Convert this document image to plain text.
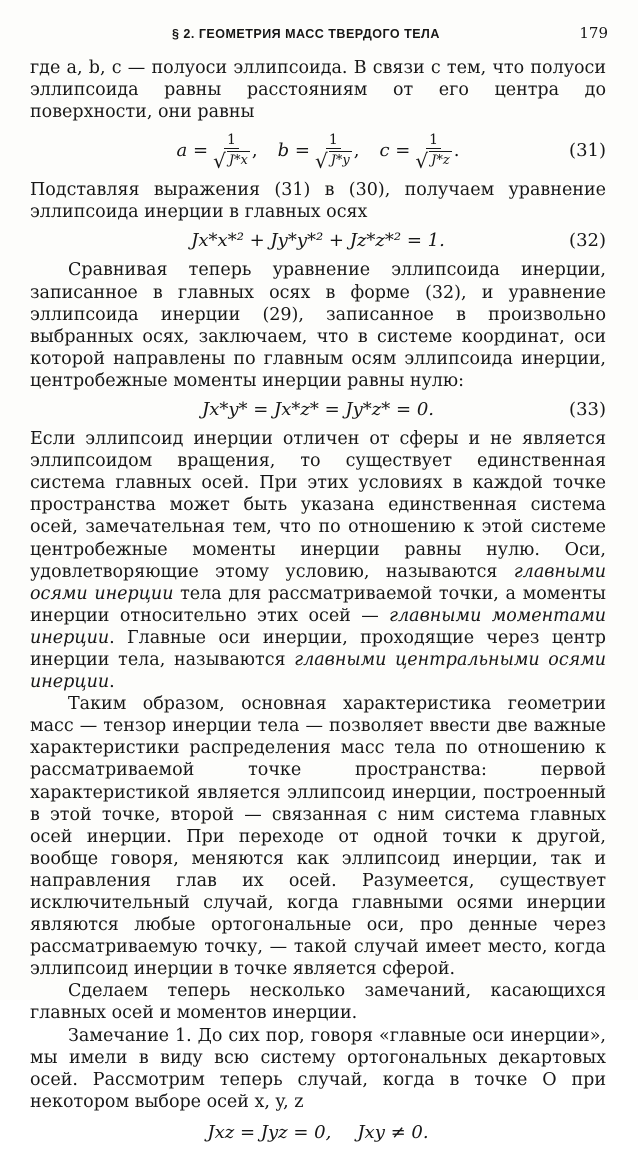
§ 2. ГЕОМЕТРИЯ МАСС ТВЕРДОГО ТЕЛА	179

где a, b, c — полуоси эллипсоида. В связи с тем, что полуоси эллипсоида равны расстояниям от его центра до поверхности, они равны

$a = \frac{1}{√ J*x}$ , $b = \frac{1}{√ J*y}$ , $c = \frac{1}{√ J*z}$ .	(31)

Подставляя выражения (31) в (30), получаем уравнение эллипсоида инерции в главных осях

Jx*x*² + Jy*y*² + Jz*z*² = 1.	(32)

Сравнивая теперь уравнение эллипсоида инерции, записанное в главных осях в форме (32), и уравнение эллипсоида инерции (29), записанное в произвольно выбранных осях, заключаем, что в системе координат, оси которой направлены по главным осям эллипсоида инерции, центробежные моменты инерции равны нулю:

Jx*y* = Jx*z* = Jy*z* = 0.	(33)

Если эллипсоид инерции отличен от сферы и не является эллипсоидом вращения, то существует единственная система главных осей. При этих условиях в каждой точке пространства может быть указана единственная система осей, замечательная тем, что по отношению к этой системе центробежные моменты инерции равны нулю. Оси, удовлетворяющие этому условию, называются главными осями инерции тела для рассматриваемой точки, а моменты инерции относительно этих осей — главными моментами инерции. Главные оси инерции, проходящие через центр инерции тела, называются главными центральными осями инерции.

Таким образом, основная характеристика геометрии масс — тензор инерции тела — позволяет ввести две важные характеристики распределения масс тела по отношению к рассматриваемой точке пространства: первой характеристикой является эллипсоид инерции, построенный в этой точке, второй — связанная с ним система главных осей инерции. При переходе от одной точки к другой, вообще говоря, меняются как эллипсоид инерции, так и направления глав их осей. Разумеется, существует исключительный случай, когда главными осями инерции являются любые ортогональные оси, про денные через рассматриваемую точку, — такой случай имеет место, когда эллипсоид инерции в точке является сферой.

Сделаем теперь несколько замечаний, касающихся главных осей и моментов инерции.

Замечание 1. До сих пор, говоря «главные оси инерции», мы имели в виду всю систему ортогональных декартовых осей. Рассмотрим теперь случай, когда в точке O при некотором выборе осей x, y, z

Jxz = Jyz = 0, Jxy ≠ 0.
